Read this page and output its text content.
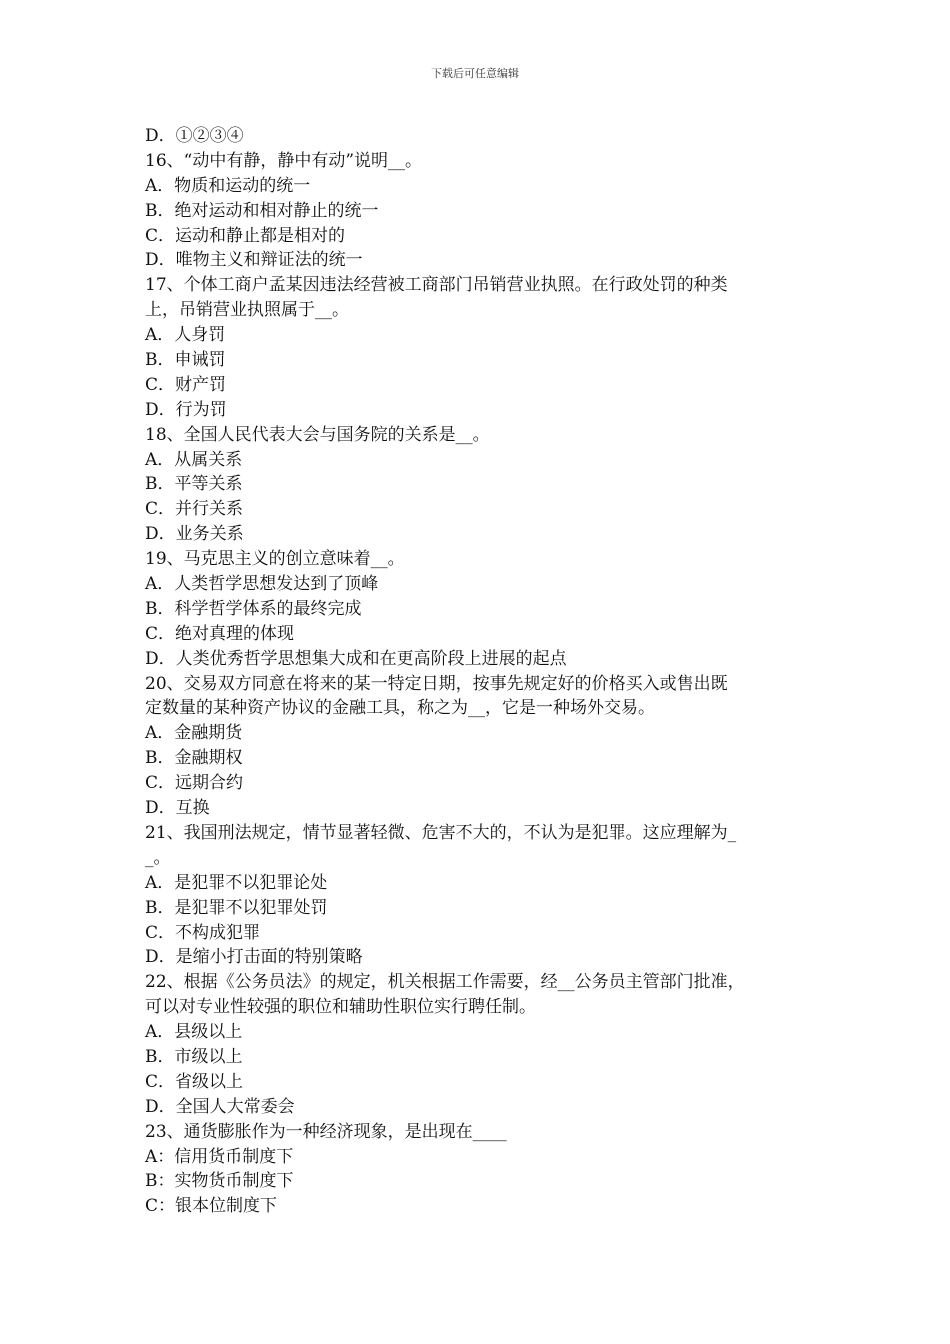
下载后可任意编辑
D．①②③④
16、“动中有静，静中有动”说明__。
A．物质和运动的统一
B．绝对运动和相对静止的统一
C．运动和静止都是相对的
D．唯物主义和辩证法的统一
17、个体工商户孟某因违法经营被工商部门吊销营业执照。在行政处罚的种类
上，吊销营业执照属于__。
A．人身罚
B．申诫罚
C．财产罚
D．行为罚
18、全国人民代表大会与国务院的关系是__。
A．从属关系
B．平等关系
C．并行关系
D．业务关系
19、马克思主义的创立意味着__。
A．人类哲学思想发达到了顶峰
B．科学哲学体系的最终完成
C．绝对真理的体现
D．人类优秀哲学思想集大成和在更高阶段上进展的起点
20、交易双方同意在将来的某一特定日期，按事先规定好的价格买入或售出既
定数量的某种资产协议的金融工具，称之为__，它是一种场外交易。
A．金融期货
B．金融期权
C．远期合约
D．互换
21、我国刑法规定，情节显著轻微、危害不大的，不认为是犯罪。这应理解为_
_。
A．是犯罪不以犯罪论处
B．是犯罪不以犯罪处罚
C．不构成犯罪
D．是缩小打击面的特别策略
22、根据《公务员法》的规定，机关根据工作需要，经__公务员主管部门批准，
可以对专业性较强的职位和辅助性职位实行聘任制。
A．县级以上
B．市级以上
C．省级以上
D．全国人大常委会
23、通货膨胀作为一种经济现象，是出现在____
A：信用货币制度下
B：实物货币制度下
C：银本位制度下
